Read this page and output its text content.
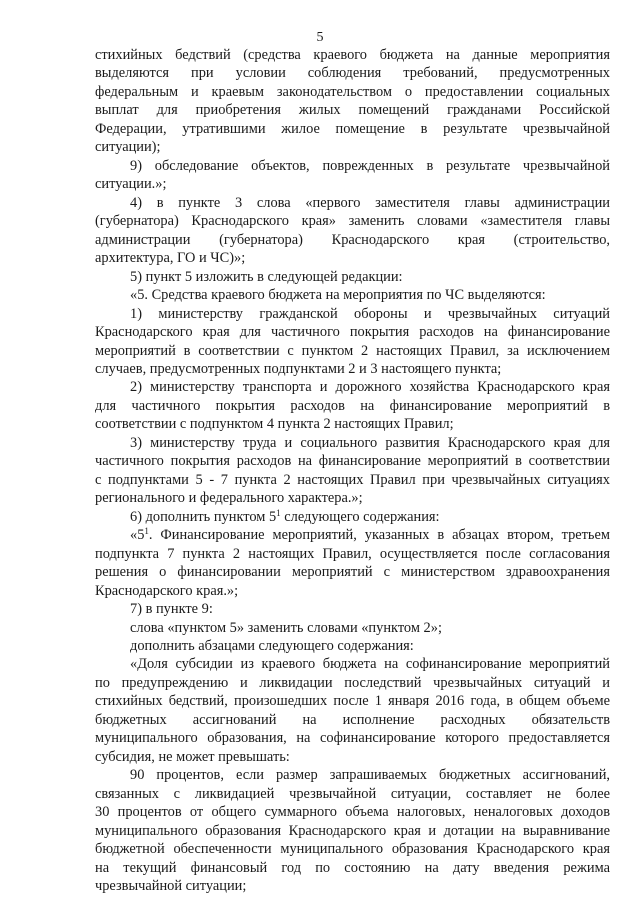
5
стихийных бедствий (средства краевого бюджета на данные мероприятия
выделяются при условии соблюдения требований, предусмотренных
федеральным и краевым законодательством о предоставлении социальных
выплат для приобретения жилых помещений гражданами Российской
Федерации, утратившими жилое помещение в результате чрезвычайной
ситуации);
9) обследование объектов, поврежденных в результате чрезвычайной
ситуации.»;
4) в пункте 3 слова «первого заместителя главы администрации
(губернатора) Краснодарского края» заменить словами «заместителя главы
администрации (губернатора) Краснодарского края (строительство,
архитектура, ГО и ЧС)»;
5) пункт 5 изложить в следующей редакции:
«5. Средства краевого бюджета на мероприятия по ЧС выделяются:
1) министерству гражданской обороны и чрезвычайных ситуаций
Краснодарского края для частичного покрытия расходов на финансирование
мероприятий в соответствии с пунктом 2 настоящих Правил, за исключением
случаев, предусмотренных подпунктами 2 и 3 настоящего пункта;
2) министерству транспорта и дорожного хозяйства Краснодарского края
для частичного покрытия расходов на финансирование мероприятий в
соответствии с подпунктом 4 пункта 2 настоящих Правил;
3) министерству труда и социального развития Краснодарского края для
частичного покрытия расходов на финансирование мероприятий в соответствии
с подпунктами 5 - 7 пункта 2 настоящих Правил при чрезвычайных ситуациях
регионального и федерального характера.»;
6) дополнить пунктом $5^1$ следующего содержания:
«$5^1$. Финансирование мероприятий, указанных в абзацах втором, третьем
подпункта 7 пункта 2 настоящих Правил, осуществляется после согласования
решения о финансировании мероприятий с министерством здравоохранения
Краснодарского края.»;
7) в пункте 9:
слова «пунктом 5» заменить словами «пунктом 2»;
дополнить абзацами следующего содержания:
«Доля субсидии из краевого бюджета на софинансирование мероприятий
по предупреждению и ликвидации последствий чрезвычайных ситуаций и
стихийных бедствий, произошедших после 1 января 2016 года, в общем объеме
бюджетных ассигнований на исполнение расходных обязательств
муниципального образования, на софинансирование которого предоставляется
субсидия, не может превышать:
90 процентов, если размер запрашиваемых бюджетных ассигнований,
связанных с ликвидацией чрезвычайной ситуации, составляет не более
30 процентов от общего суммарного объема налоговых, неналоговых доходов
муниципального образования Краснодарского края и дотации на выравнивание
бюджетной обеспеченности муниципального образования Краснодарского края
на текущий финансовый год по состоянию на дату введения режима
чрезвычайной ситуации;
